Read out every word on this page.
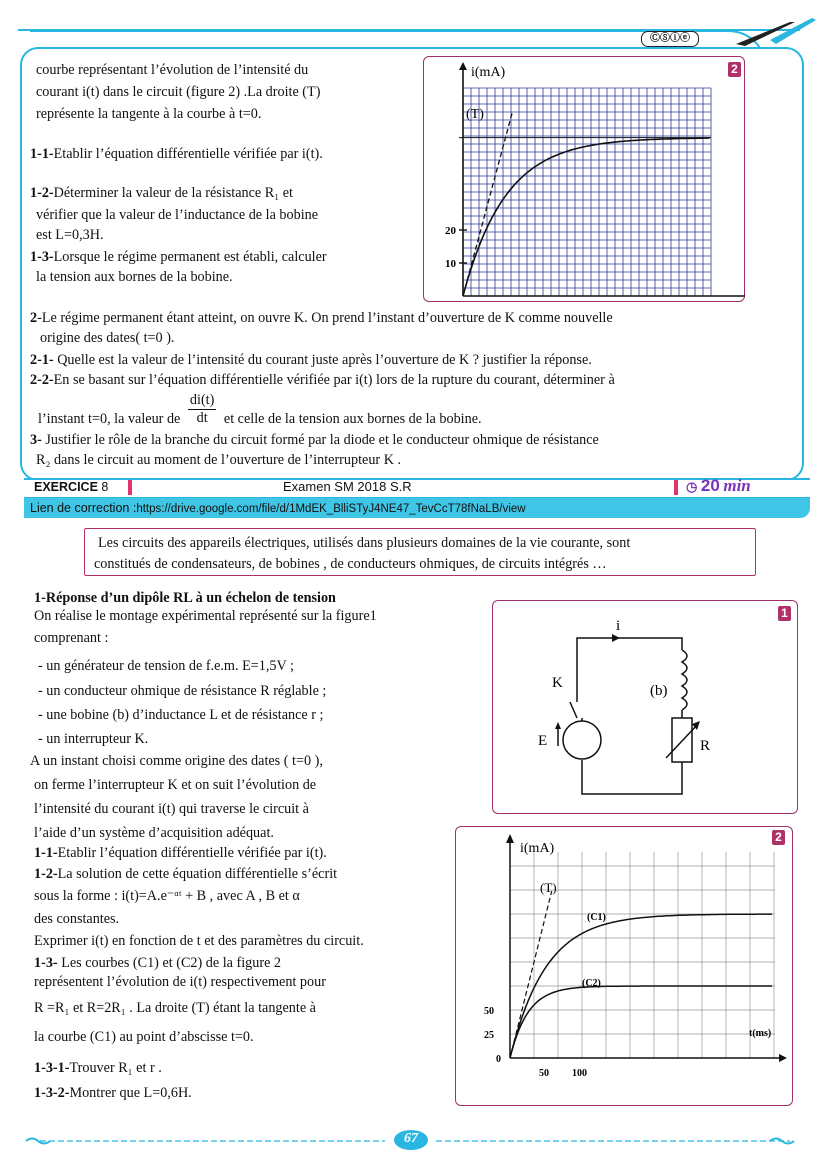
ⒸⓈⓘⓔ

courbe représentant l’évolution de l’intensité du

courant i(t) dans le circuit (figure 2) .La droite (T)

représente la tangente à la courbe à t=0.

1-1-Etablir l’équation différentielle vérifiée par i(t).

1-2-Déterminer la valeur de la résistance R₁ et

vérifier que la valeur de l’inductance de la bobine

est L=0,3H.

1-3-Lorsque le régime permanent est établi, calculer

la tension aux bornes de la bobine.

2-Le régime permanent étant atteint, on ouvre K. On prend l’instant d’ouverture de K comme nouvelle

origine des dates( t=0 ).

2-1- Quelle est la valeur de l’intensité du courant juste après l’ouverture de K ? justifier la réponse.

2-2-En se basant sur l’équation différentielle vérifiée par i(t) lors de la rupture du courant, déterminer à

l’instant t=0, la valeur de $\frac{di(t)}{dt}$ et celle de la tension aux bornes de la bobine.

3- Justifier le rôle de la branche du circuit formé par la diode et le conducteur ohmique de résistance

R₂ dans le circuit au moment de l’ouverture de l’interrupteur K .

2
i(mA)
10
20
(T)
EXERCICE 8	Examen SM 2018 S.R	◷ 20 min
Lien de correction :https://drive.google.com/file/d/1MdEK_BlliSTyJ4NE47_TevCcT78fNaLB/view

Les circuits des appareils électriques, utilisés dans plusieurs domaines de la vie courante, sont

constitués de condensateurs, de bobines , de conducteurs ohmiques, de circuits intégrés …

1-Réponse d’un dipôle RL à un échelon de tension

On réalise le montage expérimental représenté sur la figure1

comprenant :

- un générateur de tension de f.e.m. E=1,5V ;

- un conducteur ohmique de résistance R réglable ;

- une bobine (b) d’inductance L et de résistance r ;

- un interrupteur K.

A un instant choisi comme origine des dates ( t=0 ),

on ferme l’interrupteur K et on suit l’évolution de

l’intensité du courant i(t) qui traverse le circuit à

l’aide d’un système d’acquisition adéquat.

1-1-Etablir l’équation différentielle vérifiée par i(t).

1-2-La solution de cette équation différentielle s’écrit

sous la forme : i(t)=A.e⁻ᵅᵗ + B , avec A , B et α

des constantes.

Exprimer i(t) en fonction de t et des paramètres du circuit.

1-3- Les courbes (C1) et (C2) de la figure 2

représentent l’évolution de i(t) respectivement pour

R =R₁ et R=2R₁ . La droite (T) étant la tangente à

la courbe (C1) au point d’abscisse t=0.

1-3-1-Trouver R₁ et r .

1-3-2-Montrer que L=0,6H.

1
i
K	(b)
E	R
2
i(mA)
t(ms)
25
50
0
50 100
(T)
(C1)
(C2)
67
